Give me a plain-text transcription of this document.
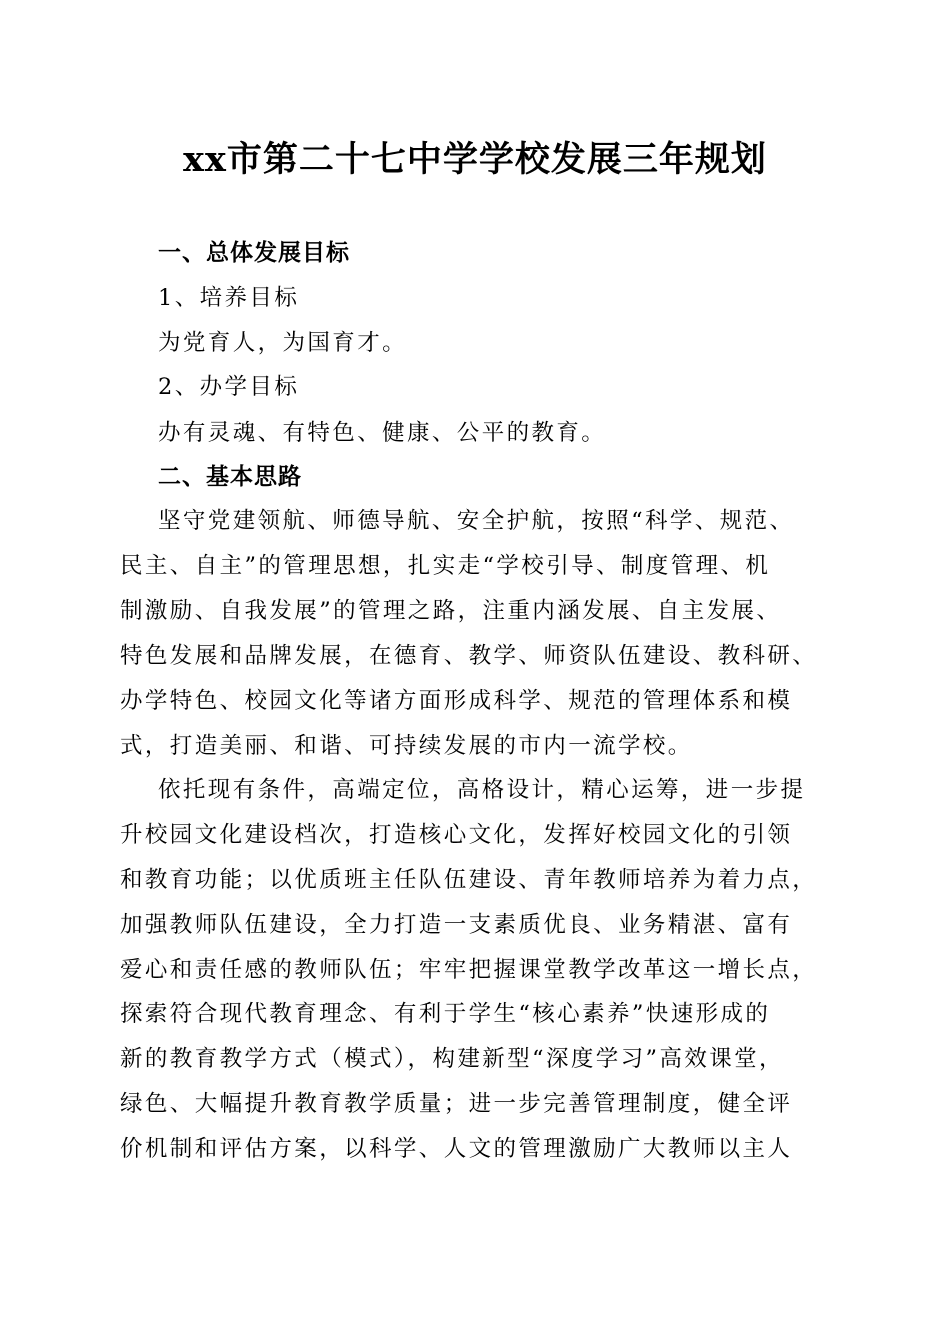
xx市第二十七中学学校发展三年规划
一、总体发展目标
1、培养目标
为党育人，为国育才。
2、办学目标
办有灵魂、有特色、健康、公平的教育。
二、基本思路
坚守党建领航、师德导航、安全护航，按照“科学、规范、
民主、自主”的管理思想，扎实走“学校引导、制度管理、机
制激励、自我发展”的管理之路，注重内涵发展、自主发展、
特色发展和品牌发展，在德育、教学、师资队伍建设、教科研、
办学特色、校园文化等诸方面形成科学、规范的管理体系和模
式，打造美丽、和谐、可持续发展的市内一流学校。
依托现有条件，高端定位，高格设计，精心运筹，进一步提
升校园文化建设档次，打造核心文化，发挥好校园文化的引领
和教育功能；以优质班主任队伍建设、青年教师培养为着力点，
加强教师队伍建设，全力打造一支素质优良、业务精湛、富有
爱心和责任感的教师队伍；牢牢把握课堂教学改革这一增长点，
探索符合现代教育理念、有利于学生“核心素养”快速形成的
新的教育教学方式（模式），构建新型“深度学习”高效课堂，
绿色、大幅提升教育教学质量；进一步完善管理制度，健全评
价机制和评估方案，以科学、人文的管理激励广大教师以主人
